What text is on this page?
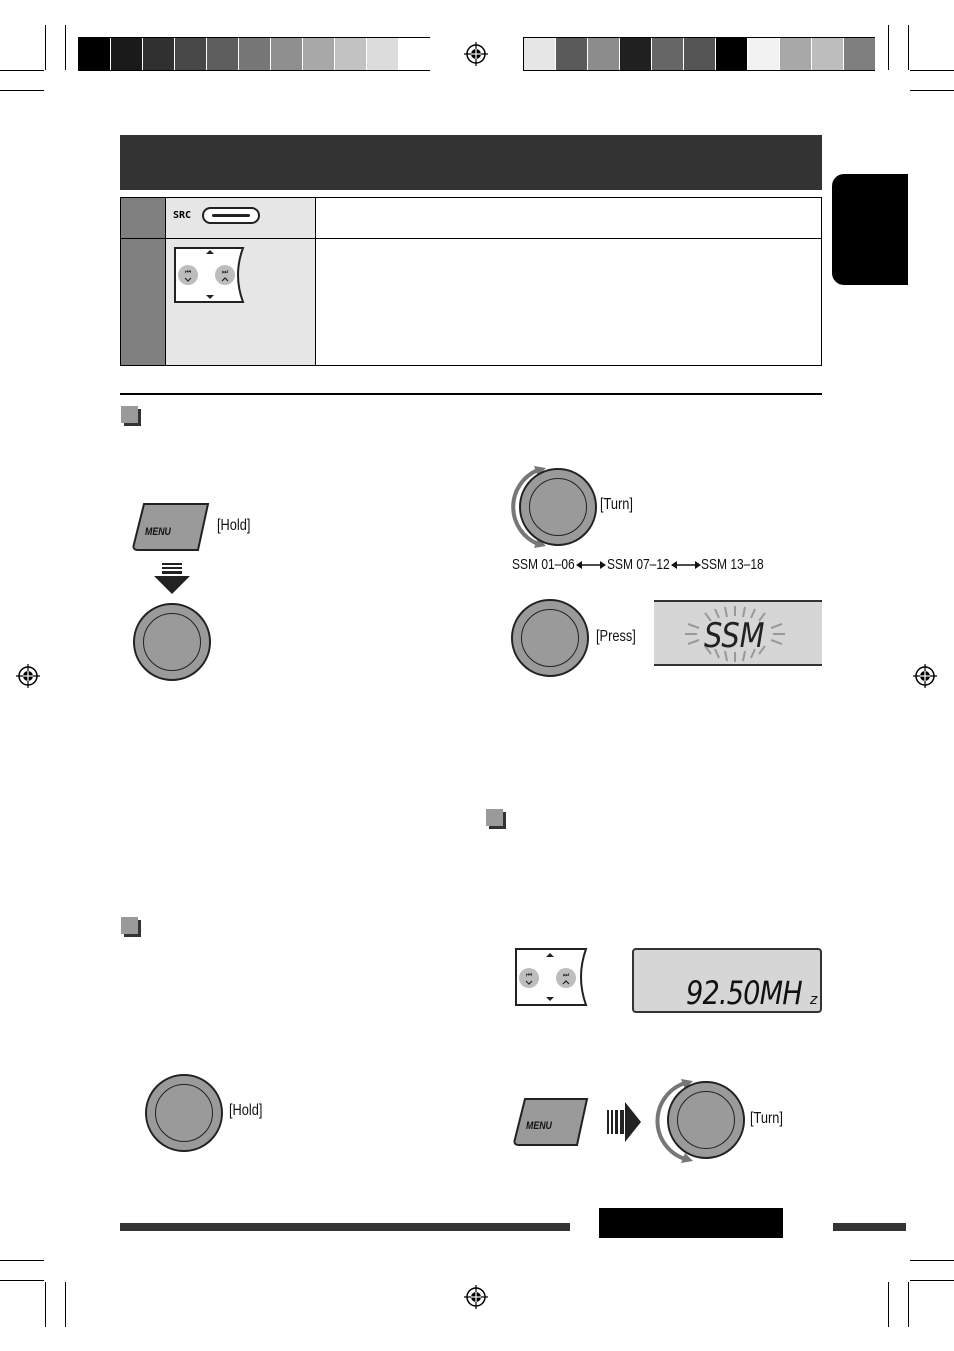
SRC
⏮	⏭
MENU	[Hold]
[Turn]
SSM 01–06 SSM 07–12 SSM 13–18
[Press] SSM
[Hold]
⏮	⏭	92.50MH z
MENU	[Turn]
